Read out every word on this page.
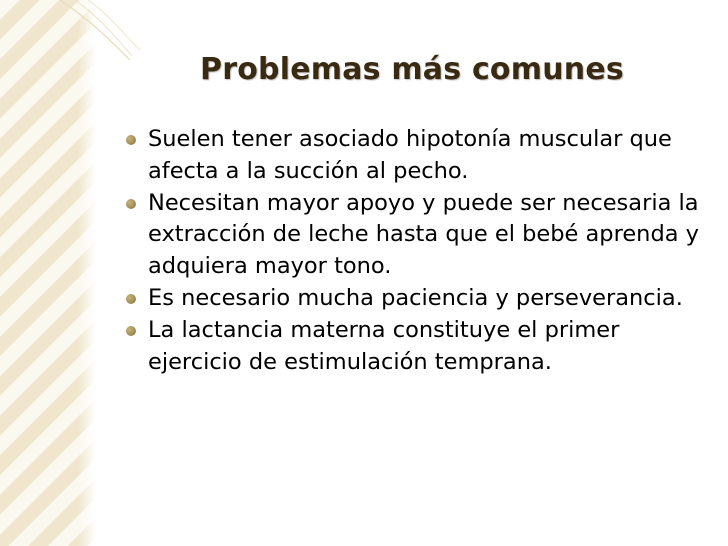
Problemas más comunes
Suelen tener asociado hipotonía muscular que afecta a la succión al pecho.
Necesitan mayor apoyo y puede ser necesaria la extracción de leche hasta que el bebé aprenda y adquiera mayor tono.
Es necesario mucha paciencia y perseverancia.
La lactancia materna constituye el primer ejercicio de estimulación temprana.
